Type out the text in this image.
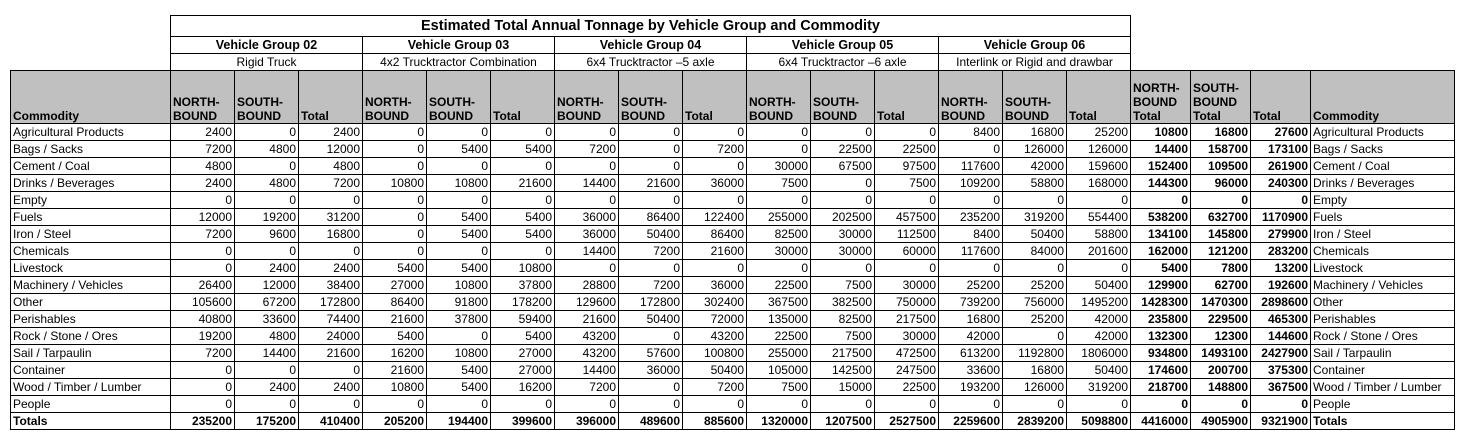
	Estimated Total Annual Tonnage by Vehicle Group and Commodity																		
	Vehicle Group 02			Vehicle Group 03			Vehicle Group 04			Vehicle Group 05			Vehicle Group 06						
	Rigid Truck			4x2 Trucktractor Combination			6x4 Trucktractor –5 axle			6x4 Trucktractor –6 axle			Interlink or Rigid and drawbar						
Commodity	NORTH-BOUND	SOUTH-BOUND	Total	NORTH-BOUND	SOUTH-BOUND	Total	NORTH-BOUND	SOUTH-BOUND	Total	NORTH-BOUND	SOUTH-BOUND	Total	NORTH-BOUND	SOUTH-BOUND	Total	NORTH-BOUND Total	SOUTH-BOUND Total	Total	Commodity
Agricultural Products	2400	0	2400	0	0	0	0	0	0	0	0	0	8400	16800	25200	10800	16800	27600	Agricultural Products
Bags / Sacks	7200	4800	12000	0	5400	5400	7200	0	7200	0	22500	22500	0	126000	126000	14400	158700	173100	Bags / Sacks
Cement / Coal	4800	0	4800	0	0	0	0	0	0	30000	67500	97500	117600	42000	159600	152400	109500	261900	Cement / Coal
Drinks / Beverages	2400	4800	7200	10800	10800	21600	14400	21600	36000	7500	0	7500	109200	58800	168000	144300	96000	240300	Drinks / Beverages
Empty	0	0	0	0	0	0	0	0	0	0	0	0	0	0	0	0	0	0	Empty
Fuels	12000	19200	31200	0	5400	5400	36000	86400	122400	255000	202500	457500	235200	319200	554400	538200	632700	1170900	Fuels
Iron / Steel	7200	9600	16800	0	5400	5400	36000	50400	86400	82500	30000	112500	8400	50400	58800	134100	145800	279900	Iron / Steel
Chemicals	0	0	0	0	0	0	14400	7200	21600	30000	30000	60000	117600	84000	201600	162000	121200	283200	Chemicals
Livestock	0	2400	2400	5400	5400	10800	0	0	0	0	0	0	0	0	0	5400	7800	13200	Livestock
Machinery / Vehicles	26400	12000	38400	27000	10800	37800	28800	7200	36000	22500	7500	30000	25200	25200	50400	129900	62700	192600	Machinery / Vehicles
Other	105600	67200	172800	86400	91800	178200	129600	172800	302400	367500	382500	750000	739200	756000	1495200	1428300	1470300	2898600	Other
Perishables	40800	33600	74400	21600	37800	59400	21600	50400	72000	135000	82500	217500	16800	25200	42000	235800	229500	465300	Perishables
Rock / Stone / Ores	19200	4800	24000	5400	0	5400	43200	0	43200	22500	7500	30000	42000	0	42000	132300	12300	144600	Rock / Stone / Ores
Sail / Tarpaulin	7200	14400	21600	16200	10800	27000	43200	57600	100800	255000	217500	472500	613200	1192800	1806000	934800	1493100	2427900	Sail / Tarpaulin
Container	0	0	0	21600	5400	27000	14400	36000	50400	105000	142500	247500	33600	16800	50400	174600	200700	375300	Container
Wood / Timber / Lumber	0	2400	2400	10800	5400	16200	7200	0	7200	7500	15000	22500	193200	126000	319200	218700	148800	367500	Wood / Timber / Lumber
People	0	0	0	0	0	0	0	0	0	0	0	0	0	0	0	0	0	0	People
Totals	235200	175200	410400	205200	194400	399600	396000	489600	885600	1320000	1207500	2527500	2259600	2839200	5098800	4416000	4905900	9321900	Totals
